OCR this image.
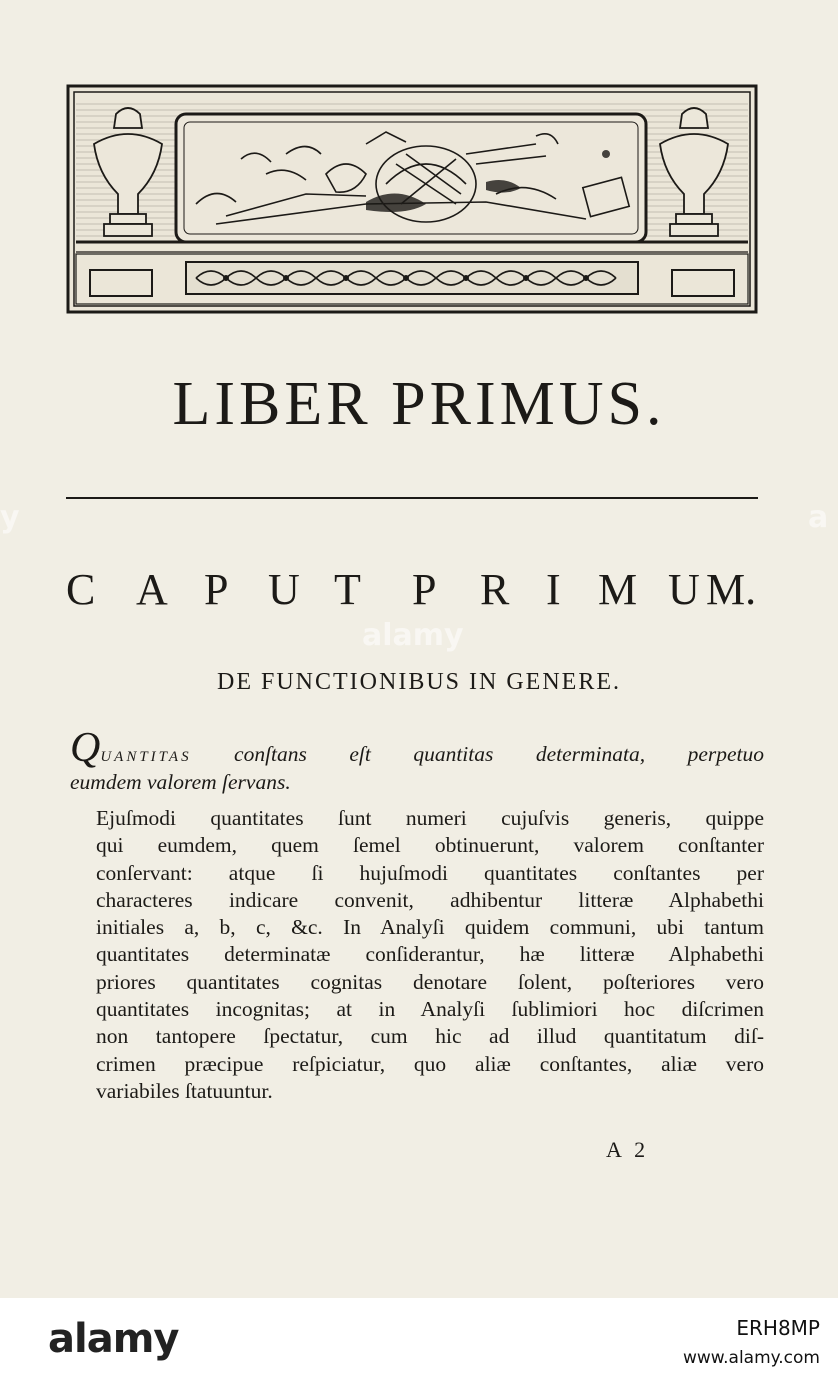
LIBER PRIMUS.
C A P U T P R I M U M.
DE FUNCTIONIBUS IN GENERE.
QUANTITAS conſtans eſt quantitas determinata, perpetuo
eumdem valorem ſervans.
Ejuſmodi quantitates ſunt numeri cujuſvis generis, quippe
qui eumdem, quem ſemel obtinuerunt, valorem conſtanter
conſervant: atque ſi hujuſmodi quantitates conſtantes per
characteres indicare convenit, adhibentur litteræ Alphabethi
initiales a, b, c, &c. In Analyſi quidem communi, ubi tantum
quantitates determinatæ conſiderantur, hæ litteræ Alphabethi
priores quantitates cognitas denotare ſolent, poſteriores vero
quantitates incognitas; at in Analyſi ſublimiori hoc diſcrimen
non tantopere ſpectatur, cum hic ad illud quantitatum diſ-
crimen præcipue reſpiciatur, quo aliæ conſtantes, aliæ vero
variabiles ſtatuuntur.
A 2
y
alamy
a
alamy	ERH8MP
www.alamy.com
